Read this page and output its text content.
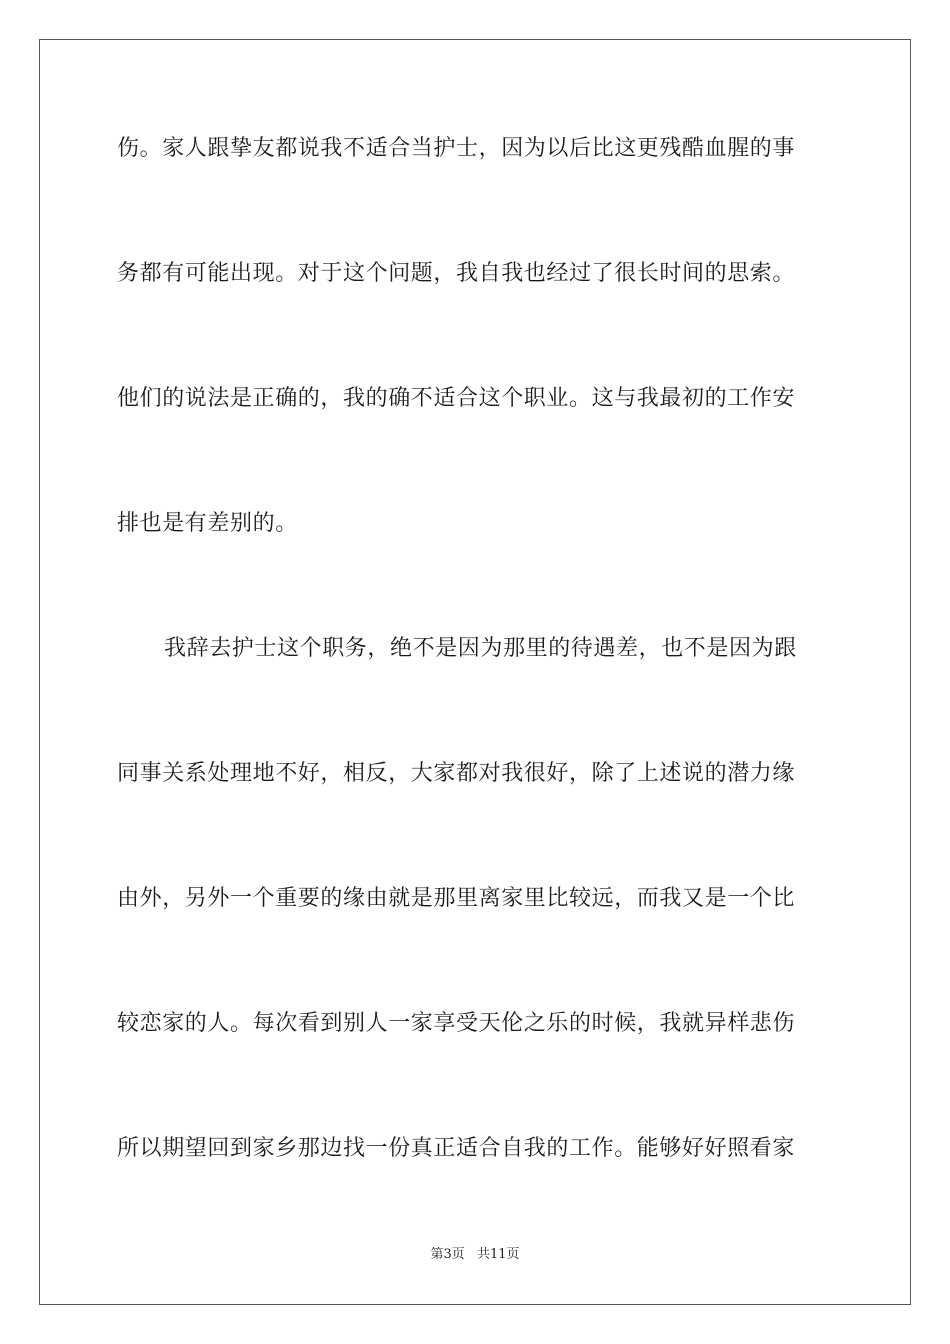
伤。家人跟挚友都说我不适合当护士，因为以后比这更残酷血腥的事
务都有可能出现。对于这个问题，我自我也经过了很长时间的思索。
他们的说法是正确的，我的确不适合这个职业。这与我最初的工作安
排也是有差别的。
我辞去护士这个职务，绝不是因为那里的待遇差，也不是因为跟
同事关系处理地不好，相反，大家都对我很好，除了上述说的潜力缘
由外，另外一个重要的缘由就是那里离家里比较远，而我又是一个比
较恋家的人。每次看到别人一家享受天伦之乐的时候，我就异样悲伤
所以期望回到家乡那边找一份真正适合自我的工作。能够好好照看家
第3页 共11页
